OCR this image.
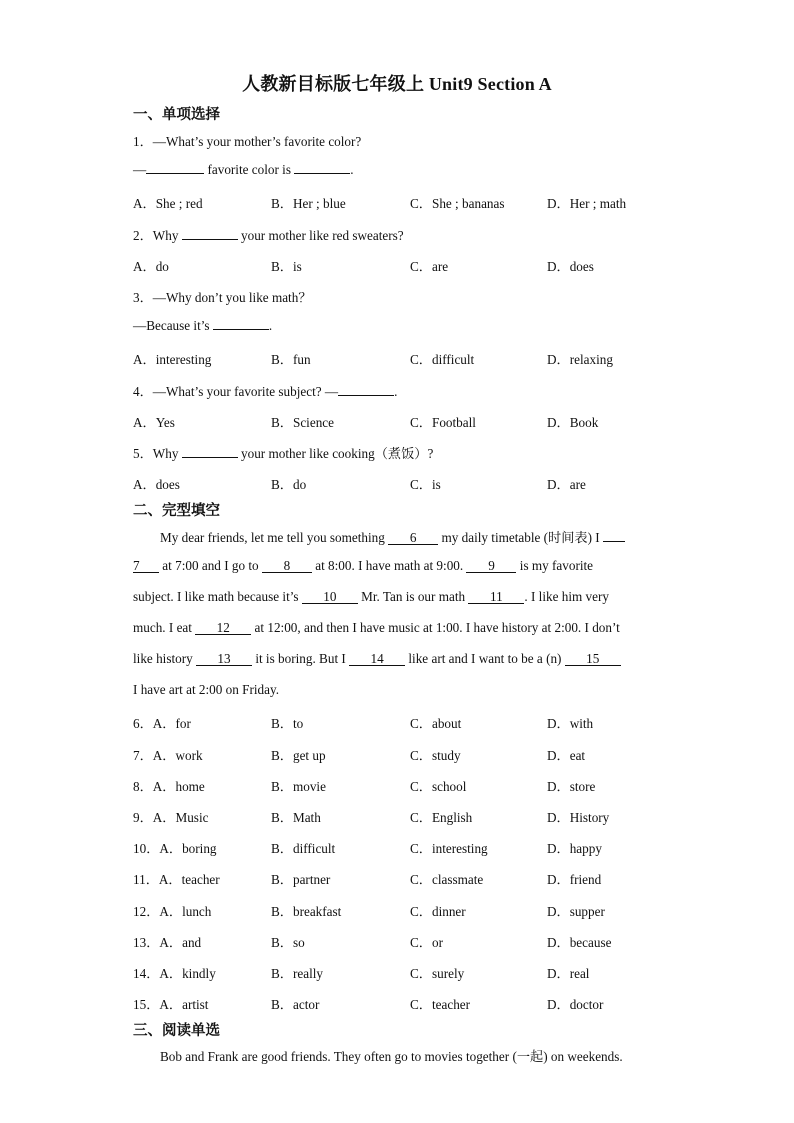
人教新目标版七年级上 Unit9 Section A
一、单项选择
1．—What’s your mother’s favorite color?
—	favorite color is	.
A．She ; red	B．Her ; blue	C．She ; bananas	D．Her ; math
2．Why	your mother like red sweaters?
A．do	B．is	C．are	D．does
3．—Why don’t you like math？
—Because it’s	.
A．interesting	B．fun	C．difficult	D．relaxing
4．—What’s your favorite subject? —	.
A．Yes	B．Science	C．Football	D．Book
5．Why	your mother like cooking（煮饭）?
A．does	B．do	C．is	D．are
二、完型填空
My dear friends, let me tell you something 6 my daily timetable (时间表) I
7 at 7:00 and I go to 8 at 8:00. I have math at 9:00. 9 is my favorite
subject. I like math because it’s 10 Mr. Tan is our math 11 . I like him very
much. I eat 12 at 12:00, and then I have music at 1:00. I have history at 2:00. I don’t
like history 13 it is boring. But I 14 like art and I want to be a (n) 15
I have art at 2:00 on Friday.
6．A．for	B．to	C．about	D．with
7．A．work	B．get up	C．study	D．eat
8．A．home	B．movie	C．school	D．store
9．A．Music	B．Math	C．English	D．History
10．A．boring	B．difficult	C．interesting	D．happy
11．A．teacher	B．partner	C．classmate	D．friend
12．A．lunch	B．breakfast	C．dinner	D．supper
13．A．and	B．so	C．or	D．because
14．A．kindly	B．really	C．surely	D．real
15．A．artist	B．actor	C．teacher	D．doctor
三、阅读单选
Bob and Frank are good friends. They often go to movies together (一起) on weekends.
